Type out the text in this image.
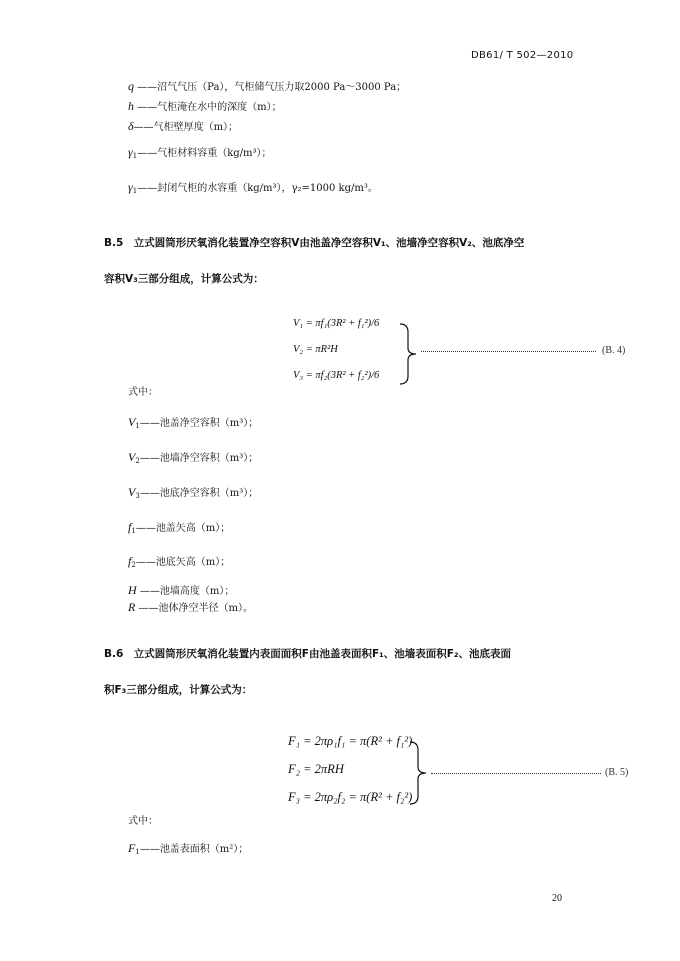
DB61/ T 502—2010
q ——沼气气压（Pa），气柜储气压力取2000 Pa～3000 Pa；
h ——气柜淹在水中的深度（m）；
δ——气柜壁厚度（m）；
$\gamma_1——$气柜材料容重（kg/m³）；
$\gamma_1——$封闭气柜的水容重（kg/m³），γ₂=1000 kg/m³。
B.5　立式圆筒形厌氧消化装置净空容积V由池盖净空容积V₁、池墙净空容积V₂、池底净空
容积V₃三部分组成，计算公式为：
V₁ = πf₁(3R² + f₁²)/6
V₂ = πR²H
V₃ = πf₂(3R² + f₂²)/6
(B. 4)
式中：
$V_1——$池盖净空容积（m³）；
$V_2——$池墙净空容积（m³）；
$V_3——$池底净空容积（m³）；
$f_1——$池盖矢高（m）；
$f_2——$池底矢高（m）；
H ——池墙高度（m）；
R ——池体净空半径（m）。
B.6　立式圆筒形厌氧消化装置内表面面积F由池盖表面积F₁、池墙表面积F₂、池底表面
积F₃三部分组成，计算公式为：
F₁ = 2πρ₁f₁ = π(R² + f₁²)
F₂ = 2πRH
F₃ = 2πρ₂f₂ = π(R² + f₂²)
(B. 5)
式中：
$F_1——$池盖表面积（m²）；
20
